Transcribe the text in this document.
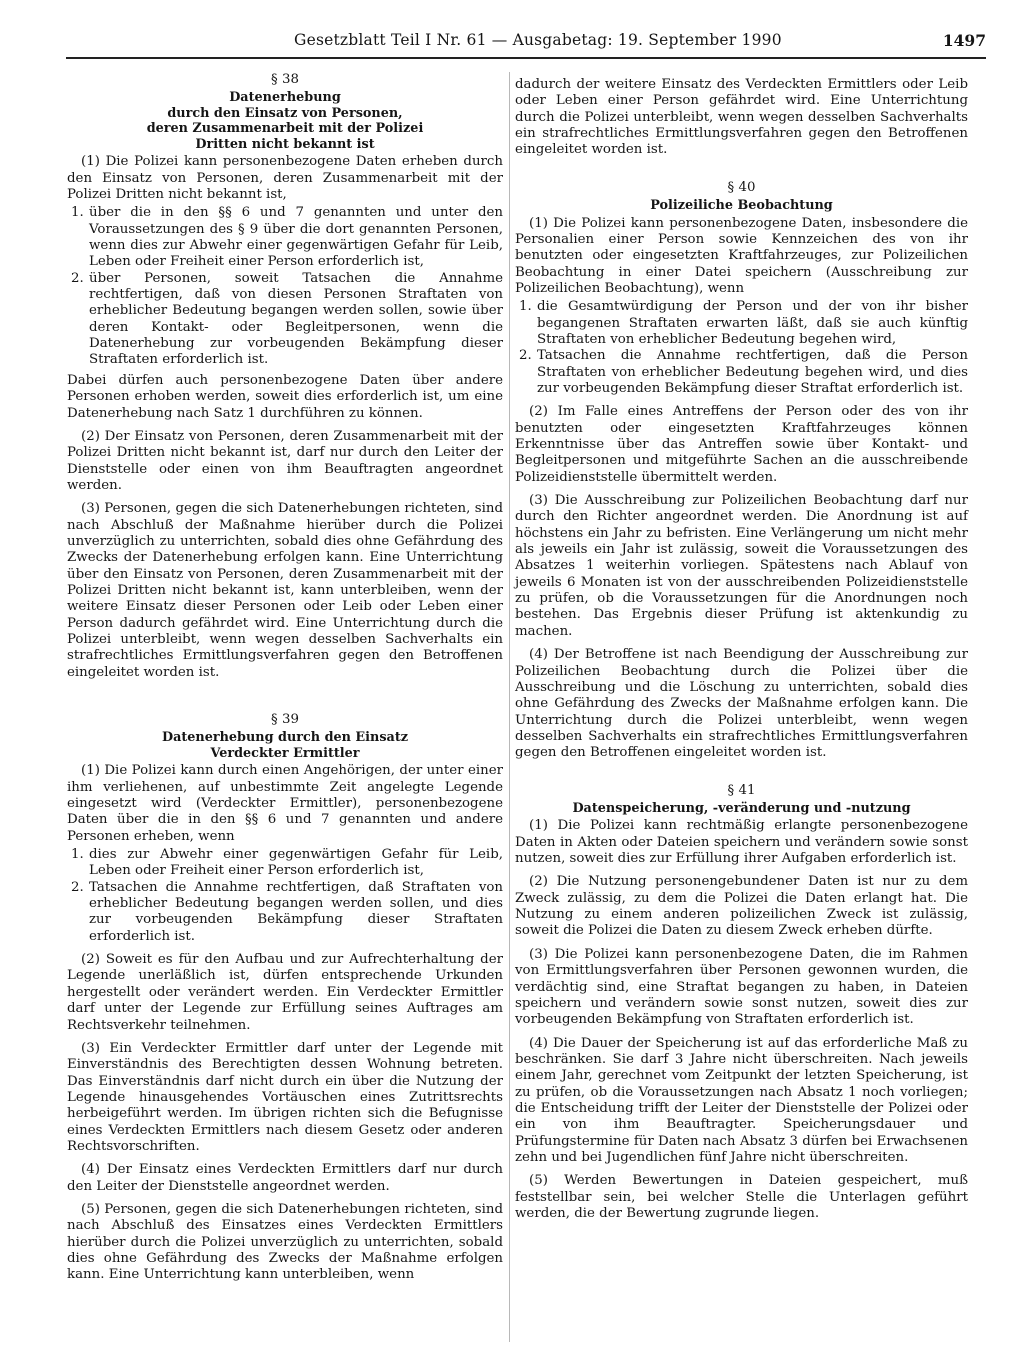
Gesetzblatt Teil I Nr. 61 — Ausgabetag: 19. September 1990	1497
§ 38
Datenerhebung
durch den Einsatz von Personen,
deren Zusammenarbeit mit der Polizei
Dritten nicht bekannt ist

(1) Die Polizei kann personenbezogene Daten erheben durch den Einsatz von Personen, deren Zusammenarbeit mit der Polizei Dritten nicht bekannt ist,

1. über die in den §§ 6 und 7 genannten und unter den Voraussetzungen des § 9 über die dort genannten Personen, wenn dies zur Abwehr einer gegenwärtigen Gefahr für Leib, Leben oder Freiheit einer Person erforderlich ist,
2. über Personen, soweit Tatsachen die Annahme rechtfertigen, daß von diesen Personen Straftaten von erheblicher Bedeutung begangen werden sollen, sowie über deren Kontakt- oder Begleitpersonen, wenn die Datenerhebung zur vorbeugenden Bekämpfung dieser Straftaten erforderlich ist.

Dabei dürfen auch personenbezogene Daten über andere Personen erhoben werden, soweit dies erforderlich ist, um eine Datenerhebung nach Satz 1 durchführen zu können.

(2) Der Einsatz von Personen, deren Zusammenarbeit mit der Polizei Dritten nicht bekannt ist, darf nur durch den Leiter der Dienststelle oder einen von ihm Beauftragten angeordnet werden.

(3) Personen, gegen die sich Datenerhebungen richteten, sind nach Abschluß der Maßnahme hierüber durch die Polizei unverzüglich zu unterrichten, sobald dies ohne Gefährdung des Zwecks der Datenerhebung erfolgen kann. Eine Unterrichtung über den Einsatz von Personen, deren Zusammenarbeit mit der Polizei Dritten nicht bekannt ist, kann unterbleiben, wenn der weitere Einsatz dieser Personen oder Leib oder Leben einer Person dadurch gefährdet wird. Eine Unterrichtung durch die Polizei unterbleibt, wenn wegen desselben Sachverhalts ein strafrechtliches Ermittlungsverfahren gegen den Betroffenen eingeleitet worden ist.

§ 39
Datenerhebung durch den Einsatz
Verdeckter Ermittler

(1) Die Polizei kann durch einen Angehörigen, der unter einer ihm verliehenen, auf unbestimmte Zeit angelegte Legende eingesetzt wird (Verdeckter Ermittler), personenbezogene Daten über die in den §§ 6 und 7 genannten und andere Personen erheben, wenn

1. dies zur Abwehr einer gegenwärtigen Gefahr für Leib, Leben oder Freiheit einer Person erforderlich ist,
2. Tatsachen die Annahme rechtfertigen, daß Straftaten von erheblicher Bedeutung begangen werden sollen, und dies zur vorbeugenden Bekämpfung dieser Straftaten erforderlich ist.

(2) Soweit es für den Aufbau und zur Aufrechterhaltung der Legende unerläßlich ist, dürfen entsprechende Urkunden hergestellt oder verändert werden. Ein Verdeckter Ermittler darf unter der Legende zur Erfüllung seines Auftrages am Rechtsverkehr teilnehmen.

(3) Ein Verdeckter Ermittler darf unter der Legende mit Einverständnis des Berechtigten dessen Wohnung betreten. Das Einverständnis darf nicht durch ein über die Nutzung der Legende hinausgehendes Vortäuschen eines Zutrittsrechts herbeigeführt werden. Im übrigen richten sich die Befugnisse eines Verdeckten Ermittlers nach diesem Gesetz oder anderen Rechtsvorschriften.

(4) Der Einsatz eines Verdeckten Ermittlers darf nur durch den Leiter der Dienststelle angeordnet werden.

(5) Personen, gegen die sich Datenerhebungen richteten, sind nach Abschluß des Einsatzes eines Verdeckten Ermittlers hierüber durch die Polizei unverzüglich zu unterrichten, sobald dies ohne Gefährdung des Zwecks der Maßnahme erfolgen kann. Eine Unterrichtung kann unterbleiben, wenn

dadurch der weitere Einsatz des Verdeckten Ermittlers oder Leib oder Leben einer Person gefährdet wird. Eine Unterrichtung durch die Polizei unterbleibt, wenn wegen desselben Sachverhalts ein strafrechtliches Ermittlungsverfahren gegen den Betroffenen eingeleitet worden ist.

§ 40
Polizeiliche Beobachtung

(1) Die Polizei kann personenbezogene Daten, insbesondere die Personalien einer Person sowie Kennzeichen des von ihr benutzten oder eingesetzten Kraftfahrzeuges, zur Polizeilichen Beobachtung in einer Datei speichern (Ausschreibung zur Polizeilichen Beobachtung), wenn

1. die Gesamtwürdigung der Person und der von ihr bisher begangenen Straftaten erwarten läßt, daß sie auch künftig Straftaten von erheblicher Bedeutung begehen wird,
2. Tatsachen die Annahme rechtfertigen, daß die Person Straftaten von erheblicher Bedeutung begehen wird, und dies zur vorbeugenden Bekämpfung dieser Straftat erforderlich ist.

(2) Im Falle eines Antreffens der Person oder des von ihr benutzten oder eingesetzten Kraftfahrzeuges können Erkenntnisse über das Antreffen sowie über Kontakt- und Begleitpersonen und mitgeführte Sachen an die ausschreibende Polizeidienststelle übermittelt werden.

(3) Die Ausschreibung zur Polizeilichen Beobachtung darf nur durch den Richter angeordnet werden. Die Anordnung ist auf höchstens ein Jahr zu befristen. Eine Verlängerung um nicht mehr als jeweils ein Jahr ist zulässig, soweit die Voraussetzungen des Absatzes 1 weiterhin vorliegen. Spätestens nach Ablauf von jeweils 6 Monaten ist von der ausschreibenden Polizeidienststelle zu prüfen, ob die Voraussetzungen für die Anordnungen noch bestehen. Das Ergebnis dieser Prüfung ist aktenkundig zu machen.

(4) Der Betroffene ist nach Beendigung der Ausschreibung zur Polizeilichen Beobachtung durch die Polizei über die Ausschreibung und die Löschung zu unterrichten, sobald dies ohne Gefährdung des Zwecks der Maßnahme erfolgen kann. Die Unterrichtung durch die Polizei unterbleibt, wenn wegen desselben Sachverhalts ein strafrechtliches Ermittlungsverfahren gegen den Betroffenen eingeleitet worden ist.

§ 41
Datenspeicherung, -veränderung und -nutzung

(1) Die Polizei kann rechtmäßig erlangte personenbezogene Daten in Akten oder Dateien speichern und verändern sowie sonst nutzen, soweit dies zur Erfüllung ihrer Aufgaben erforderlich ist.

(2) Die Nutzung personengebundener Daten ist nur zu dem Zweck zulässig, zu dem die Polizei die Daten erlangt hat. Die Nutzung zu einem anderen polizeilichen Zweck ist zulässig, soweit die Polizei die Daten zu diesem Zweck erheben dürfte.

(3) Die Polizei kann personenbezogene Daten, die im Rahmen von Ermittlungsverfahren über Personen gewonnen wurden, die verdächtig sind, eine Straftat begangen zu haben, in Dateien speichern und verändern sowie sonst nutzen, soweit dies zur vorbeugenden Bekämpfung von Straftaten erforderlich ist.

(4) Die Dauer der Speicherung ist auf das erforderliche Maß zu beschränken. Sie darf 3 Jahre nicht überschreiten. Nach jeweils einem Jahr, gerechnet vom Zeitpunkt der letzten Speicherung, ist zu prüfen, ob die Voraussetzungen nach Absatz 1 noch vorliegen; die Entscheidung trifft der Leiter der Dienststelle der Polizei oder ein von ihm Beauftragter. Speicherungsdauer und Prüfungstermine für Daten nach Absatz 3 dürfen bei Erwachsenen zehn und bei Jugendlichen fünf Jahre nicht überschreiten.

(5) Werden Bewertungen in Dateien gespeichert, muß feststellbar sein, bei welcher Stelle die Unterlagen geführt werden, die der Bewertung zugrunde liegen.
